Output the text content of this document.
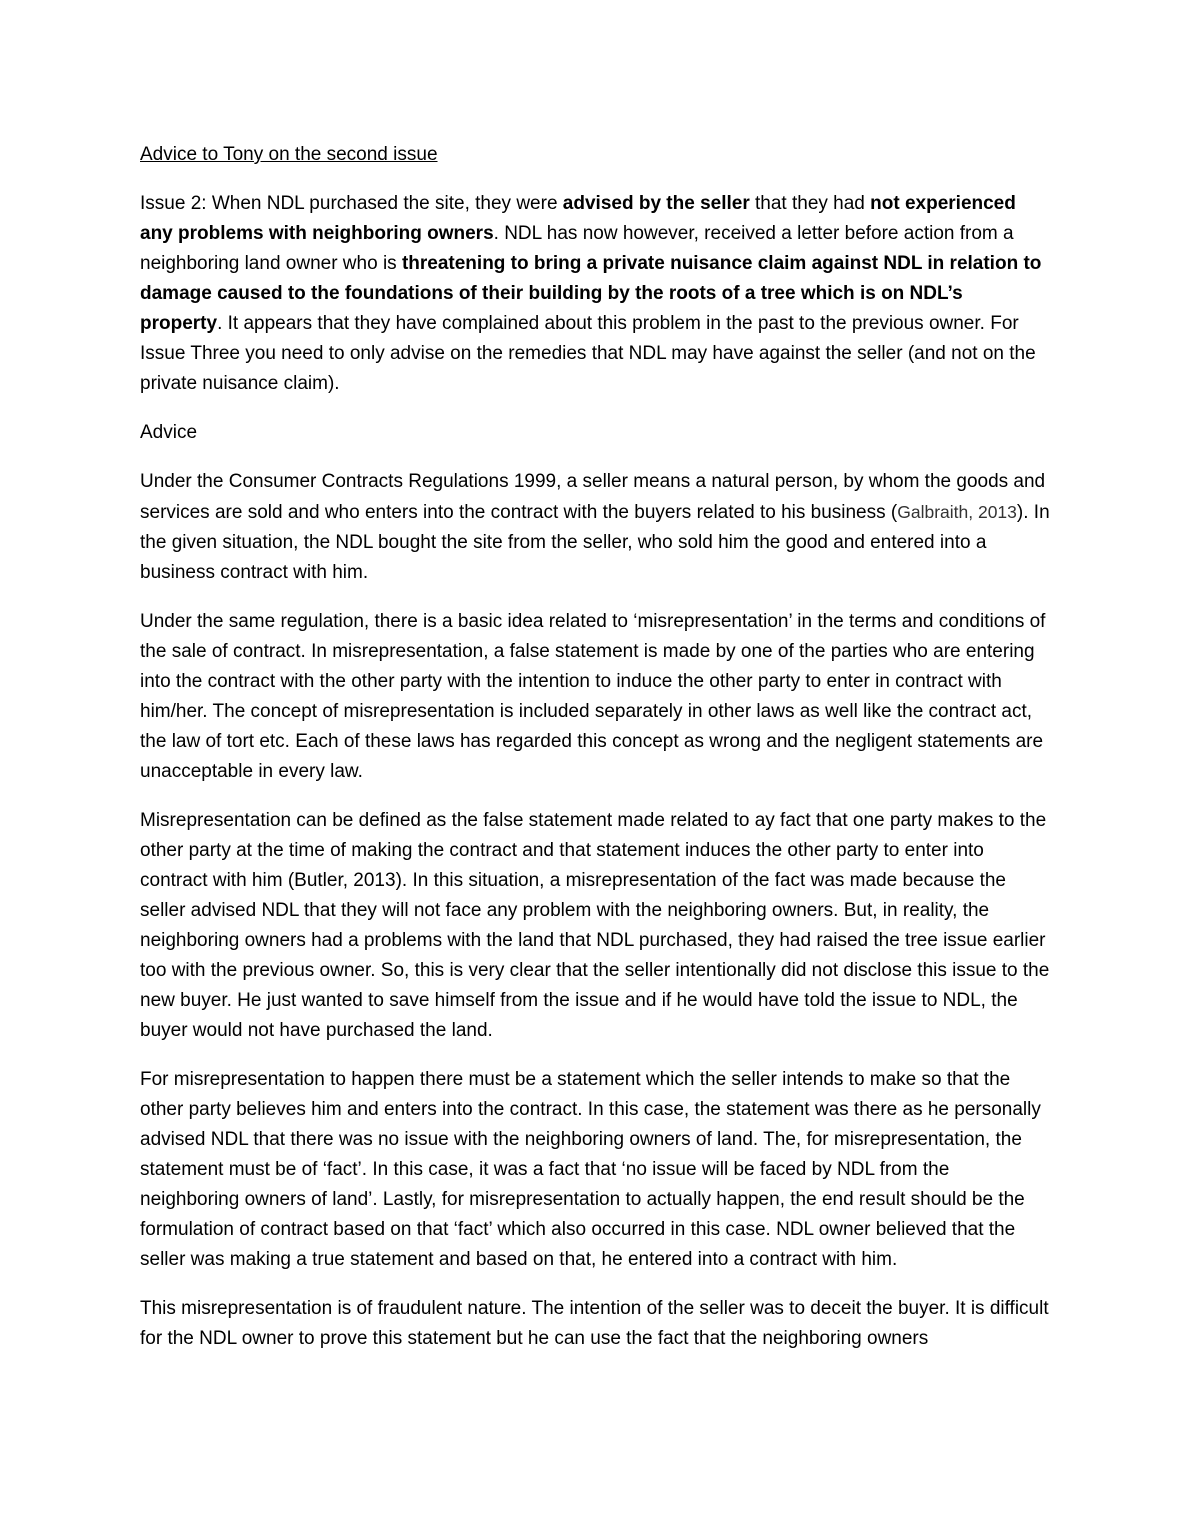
Advice to Tony on the second issue

Issue 2: When NDL purchased the site, they were advised by the seller that they had not experienced any problems with neighboring owners. NDL has now however, received a letter before action from a neighboring land owner who is threatening to bring a private nuisance claim against NDL in relation to damage caused to the foundations of their building by the roots of a tree which is on NDL’s property. It appears that they have complained about this problem in the past to the previous owner. For Issue Three you need to only advise on the remedies that NDL may have against the seller (and not on the private nuisance claim).

Advice

Under the Consumer Contracts Regulations 1999, a seller means a natural person, by whom the goods and services are sold and who enters into the contract with the buyers related to his business (Galbraith, 2013). In the given situation, the NDL bought the site from the seller, who sold him the good and entered into a business contract with him.

Under the same regulation, there is a basic idea related to ‘misrepresentation’ in the terms and conditions of the sale of contract. In misrepresentation, a false statement is made by one of the parties who are entering into the contract with the other party with the intention to induce the other party to enter in contract with him/her. The concept of misrepresentation is included separately in other laws as well like the contract act, the law of tort etc. Each of these laws has regarded this concept as wrong and the negligent statements are unacceptable in every law.

Misrepresentation can be defined as the false statement made related to ay fact that one party makes to the other party at the time of making the contract and that statement induces the other party to enter into contract with him (Butler, 2013). In this situation, a misrepresentation of the fact was made because the seller advised NDL that they will not face any problem with the neighboring owners. But, in reality, the neighboring owners had a problems with the land that NDL purchased, they had raised the tree issue earlier too with the previous owner. So, this is very clear that the seller intentionally did not disclose this issue to the new buyer. He just wanted to save himself from the issue and if he would have told the issue to NDL, the buyer would not have purchased the land.

For misrepresentation to happen there must be a statement which the seller intends to make so that the other party believes him and enters into the contract. In this case, the statement was there as he personally advised NDL that there was no issue with the neighboring owners of land. The, for misrepresentation, the statement must be of ‘fact’. In this case, it was a fact that ‘no issue will be faced by NDL from the neighboring owners of land’. Lastly, for misrepresentation to actually happen, the end result should be the formulation of contract based on that ‘fact’ which also occurred in this case. NDL owner believed that the seller was making a true statement and based on that, he entered into a contract with him.

This misrepresentation is of fraudulent nature. The intention of the seller was to deceit the buyer. It is difficult for the NDL owner to prove this statement but he can use the fact that the neighboring owners
